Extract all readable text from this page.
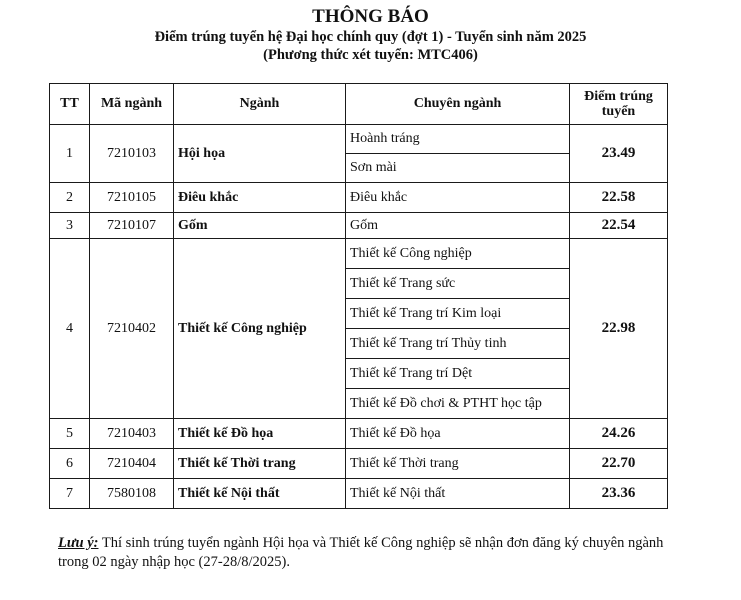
THÔNG BÁO
Điểm trúng tuyển hệ Đại học chính quy (đợt 1) - Tuyển sinh năm 2025
(Phương thức xét tuyển: MTC406)
TT	Mã ngành	Ngành	Chuyên ngành	Điểm trúng tuyển
1	7210103	Hội họa	Hoành tráng	23.49
			Sơn mài	
2	7210105	Điêu khắc	Điêu khắc	22.58
3	7210107	Gốm	Gốm	22.54
4	7210402	Thiết kế Công nghiệp	Thiết kế Công nghiệp	22.98
			Thiết kế Trang sức	
			Thiết kế Trang trí Kim loại	
			Thiết kế Trang trí Thủy tinh	
			Thiết kế Trang trí Dệt	
			Thiết kế Đồ chơi & PTHT học tập	
5	7210403	Thiết kế Đồ họa	Thiết kế Đồ họa	24.26
6	7210404	Thiết kế Thời trang	Thiết kế Thời trang	22.70
7	7580108	Thiết kế Nội thất	Thiết kế Nội thất	23.36
Lưu ý: Thí sinh trúng tuyển ngành Hội họa và Thiết kế Công nghiệp sẽ nhận đơn đăng ký chuyên ngành trong 02 ngày nhập học (27-28/8/2025).
